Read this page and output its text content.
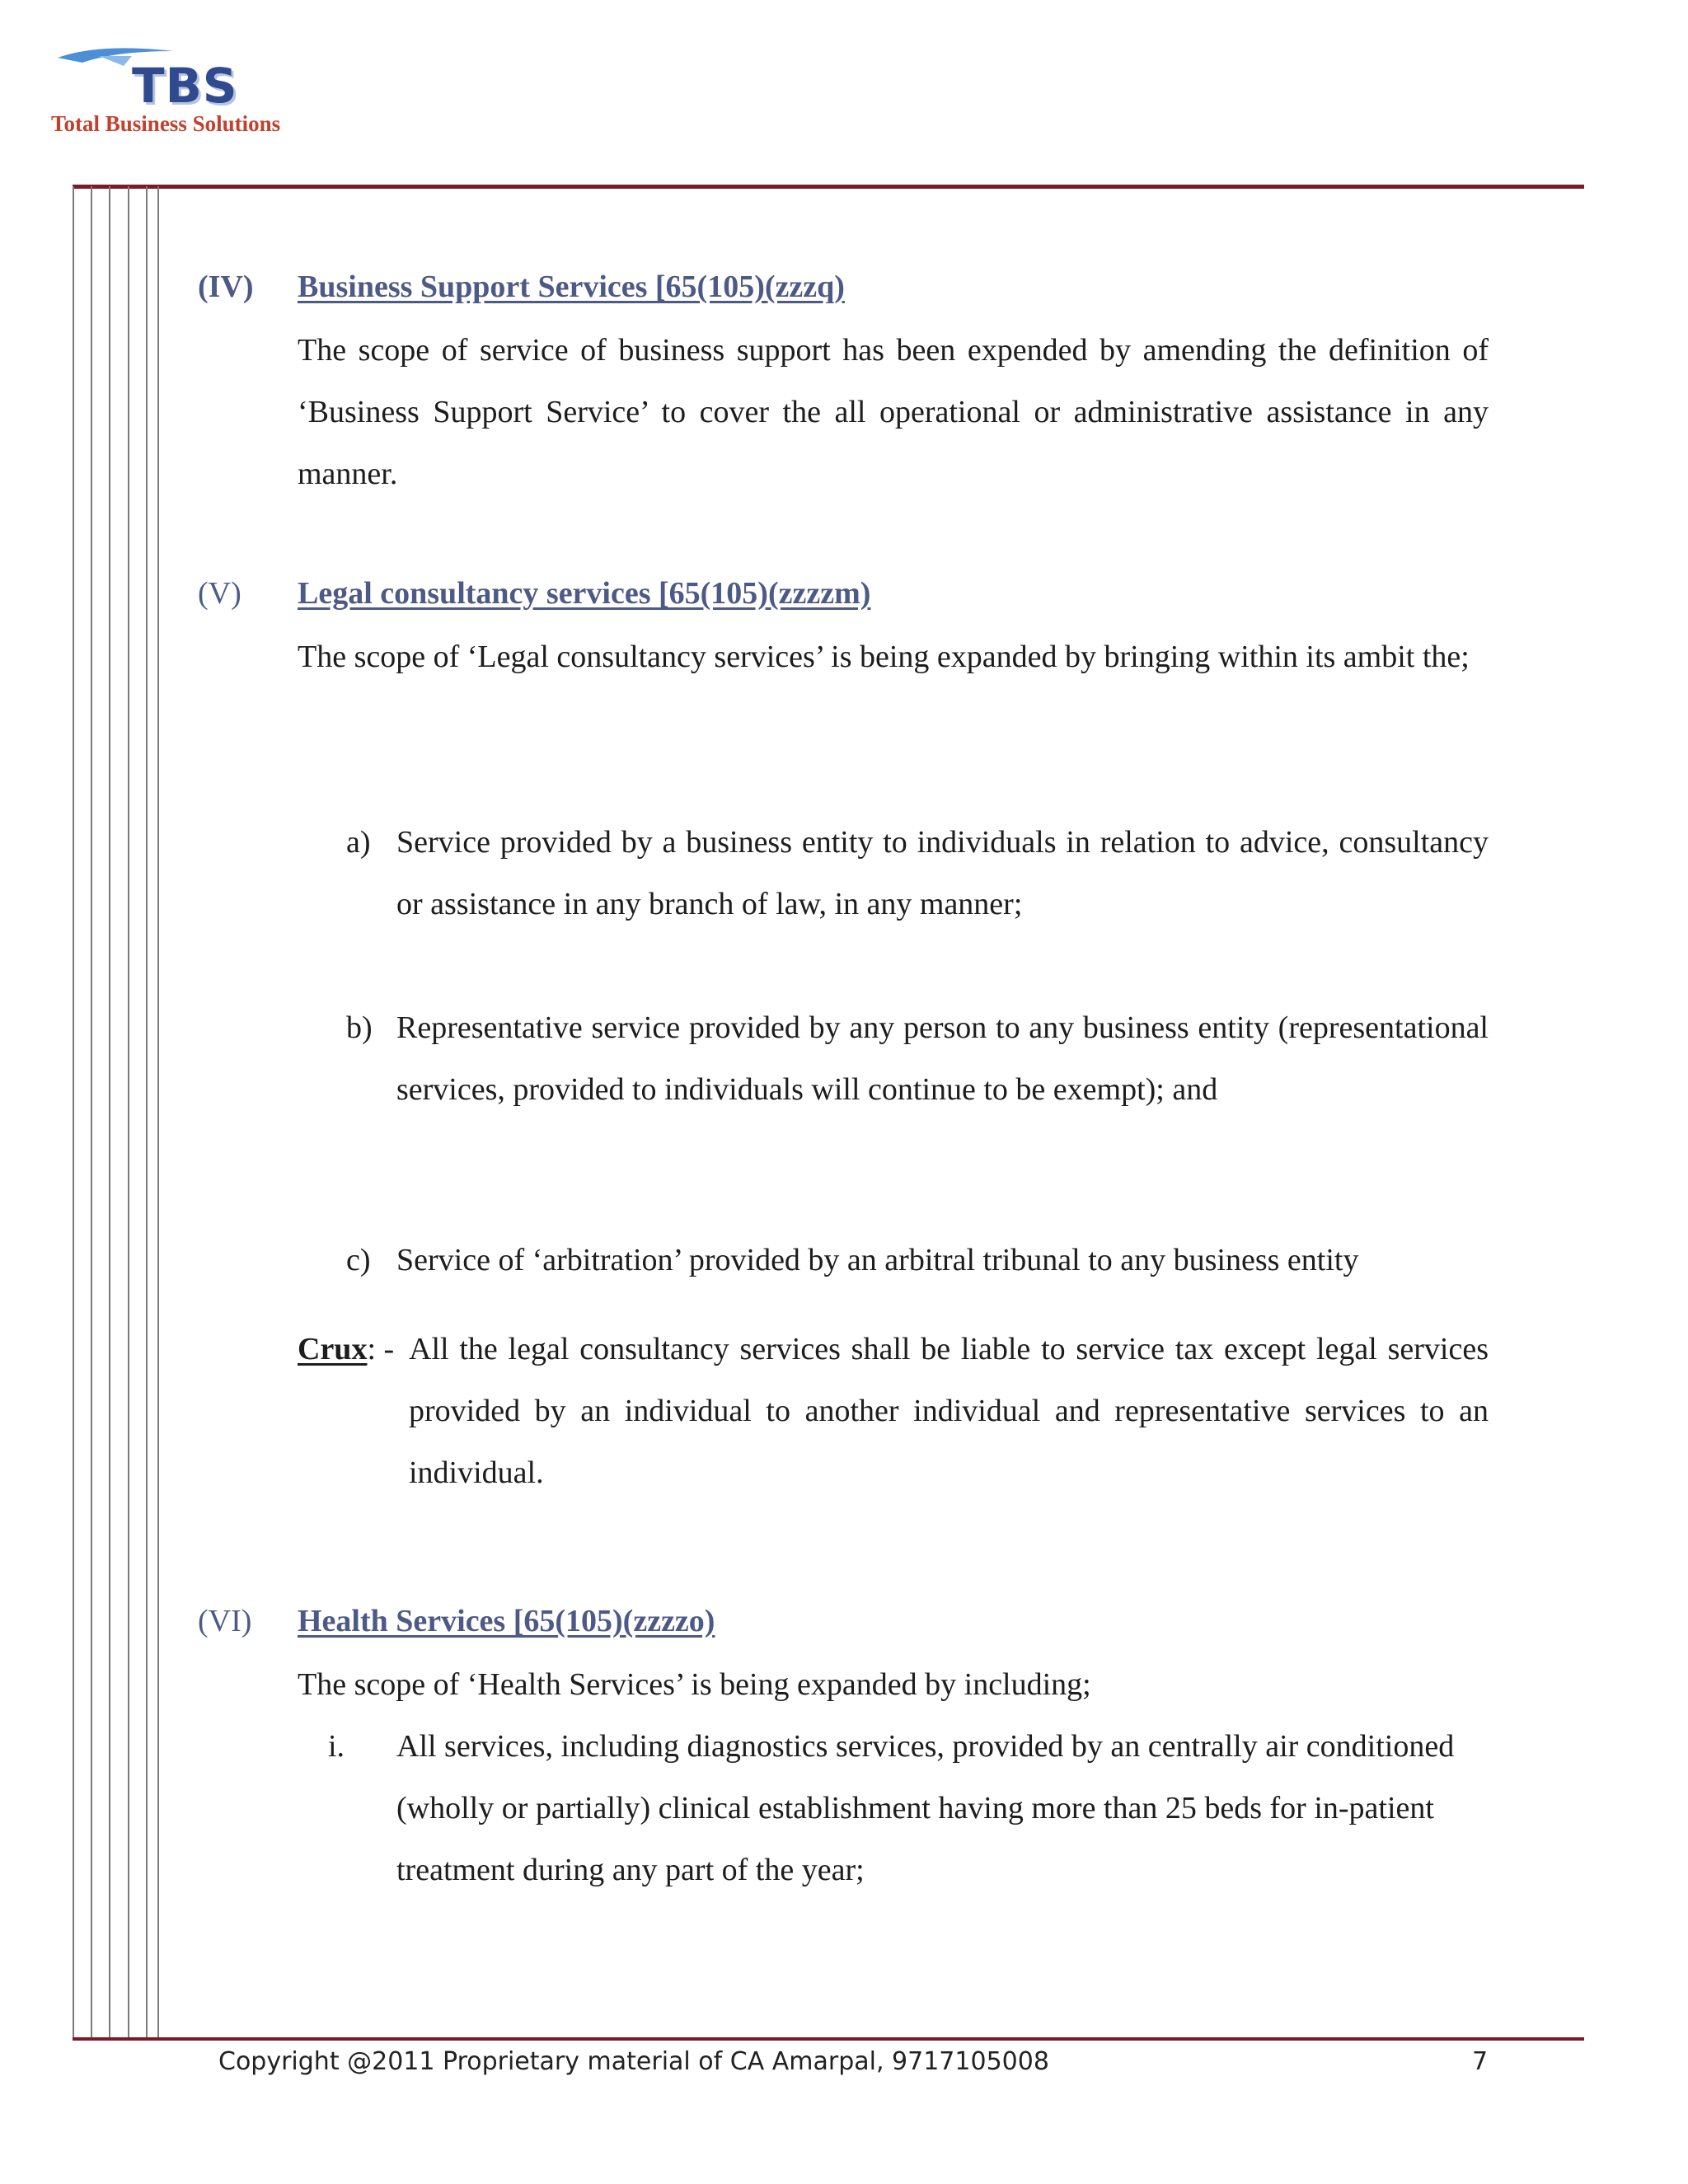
TBS
Total Business Solutions
(IV) Business Support Services [65(105)(zzzq)

The scope of service of business support has been expended by amending the definition of ‘Business Support Service’ to cover the all operational or administrative assistance in any manner.

(V) Legal consultancy services [65(105)(zzzzm)

The scope of ‘Legal consultancy services’ is being expanded by bringing within its ambit the;

a) Service provided by a business entity to individuals in relation to advice, consultancy or assistance in any branch of law, in any manner;

b) Representative service provided by any person to any business entity (representational services, provided to individuals will continue to be exempt); and

c) Service of ‘arbitration’ provided by an arbitral tribunal to any business entity

Crux: - All the legal consultancy services shall be liable to service tax except legal services provided by an individual to another individual and representative services to an individual.

(VI) Health Services [65(105)(zzzzo)

The scope of ‘Health Services’ is being expanded by including;

i. All services, including diagnostics services, provided by an centrally air conditioned (wholly or partially) clinical establishment having more than 25 beds for in-patient treatment during any part of the year;

Copyright @2011 Proprietary material of CA Amarpal, 9717105008	7
